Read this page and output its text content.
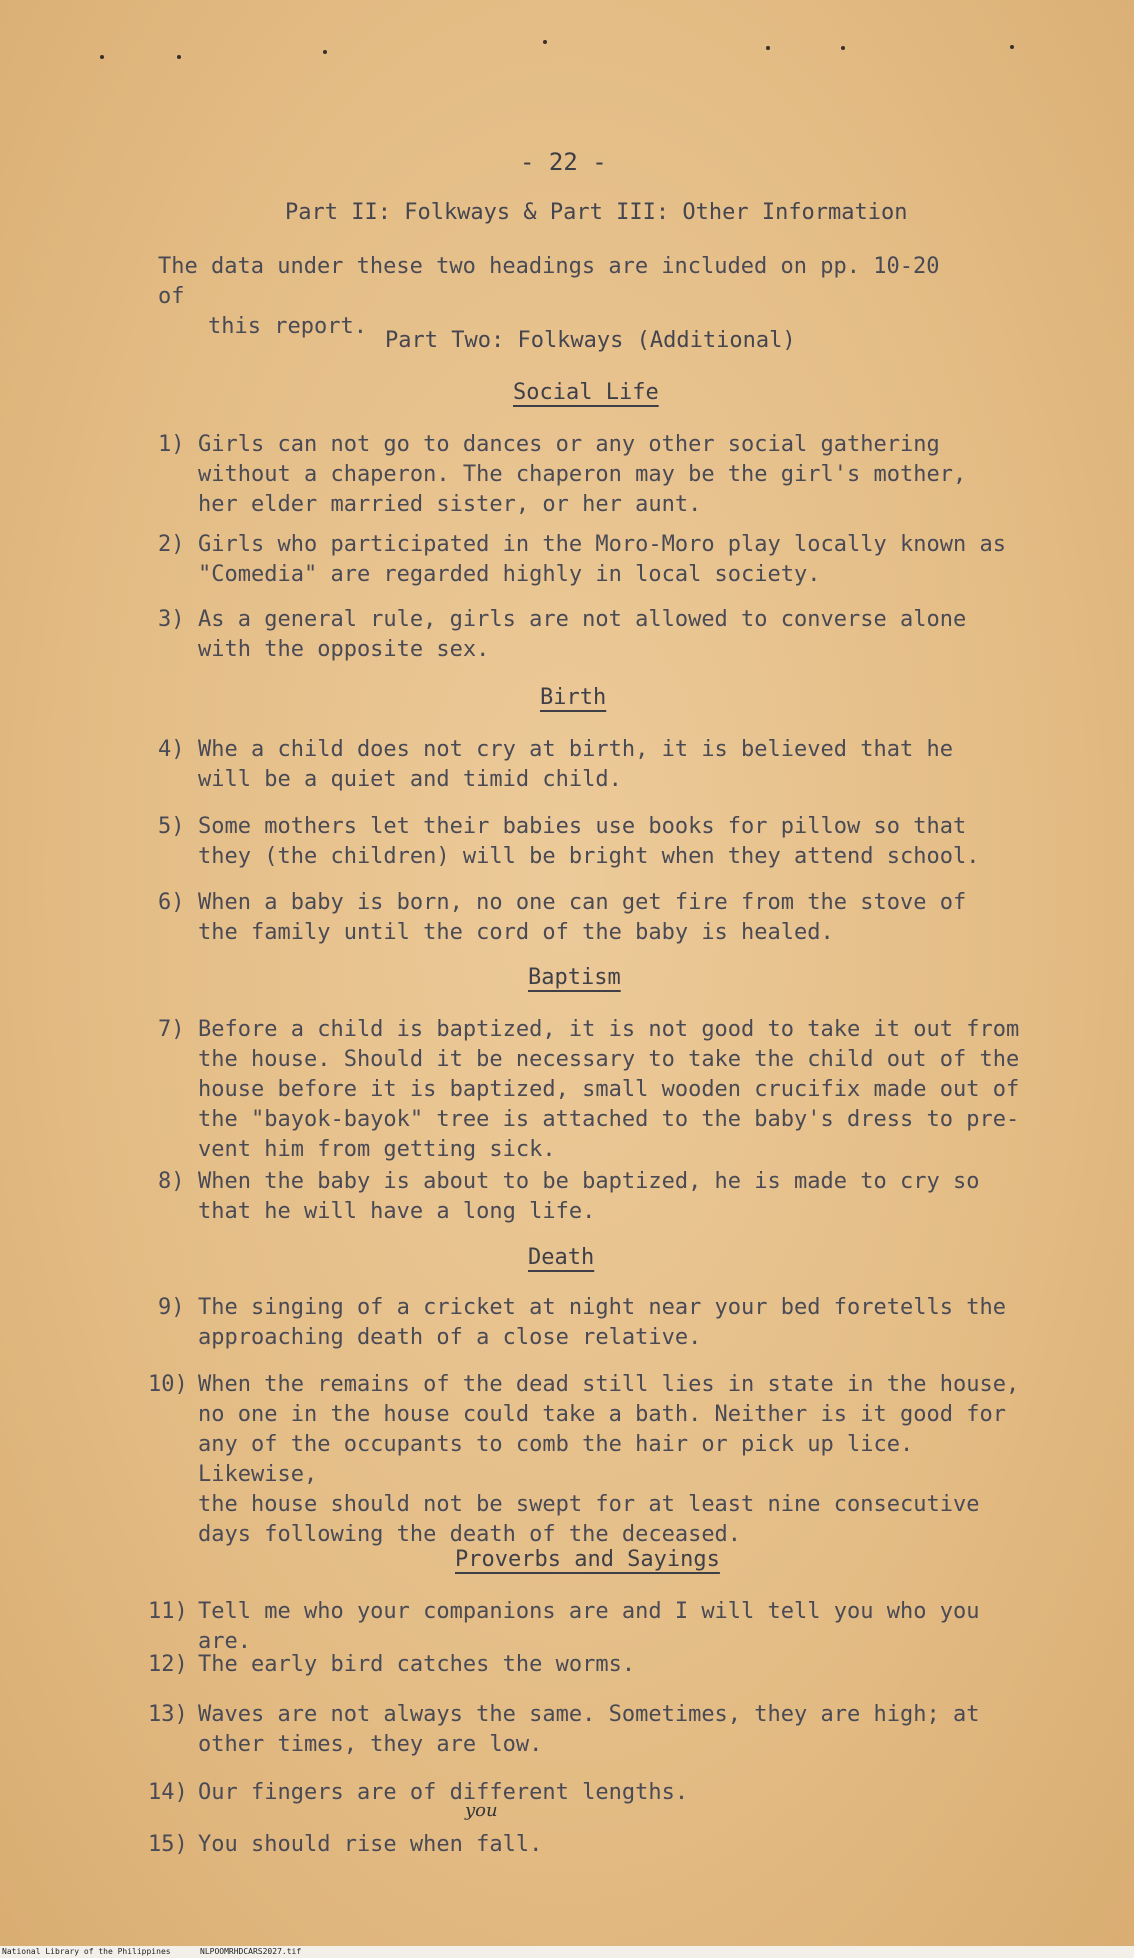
- 22 -
Part II: Folkways & Part III: Other Information
The data under these two headings are included on pp. 10-20 of
this report.
Part Two: Folkways (Additional)
Social Life
1) Girls can not go to dances or any other social gathering
without a chaperon. The chaperon may be the girl's mother,
her elder married sister, or her aunt.
2) Girls who participated in the Moro-Moro play locally known as
"Comedia" are regarded highly in local society.
3) As a general rule, girls are not allowed to converse alone
with the opposite sex.
Birth
4) Whe a child does not cry at birth, it is believed that he
will be a quiet and timid child.
5) Some mothers let their babies use books for pillow so that
they (the children) will be bright when they attend school.
6) When a baby is born, no one can get fire from the stove of
the family until the cord of the baby is healed.
Baptism
7) Before a child is baptized, it is not good to take it out from
the house. Should it be necessary to take the child out of the
house before it is baptized, small wooden crucifix made out of
the "bayok-bayok" tree is attached to the baby's dress to pre-
vent him from getting sick.
8) When the baby is about to be baptized, he is made to cry so
that he will have a long life.
Death
9) The singing of a cricket at night near your bed foretells the
approaching death of a close relative.
10) When the remains of the dead still lies in state in the house,
no one in the house could take a bath. Neither is it good for
any of the occupants to comb the hair or pick up lice. Likewise,
the house should not be swept for at least nine consecutive
days following the death of the deceased.
Proverbs and Sayings
11) Tell me who your companions are and I will tell you who you are.
12) The early bird catches the worms.
13) Waves are not always the same. Sometimes, they are high; at
other times, they are low.
14) Our fingers are of different lengths.
15) You should rise when fall.
you
National Library of the Philippines	NLPOOMRHDCARS2027.tif
